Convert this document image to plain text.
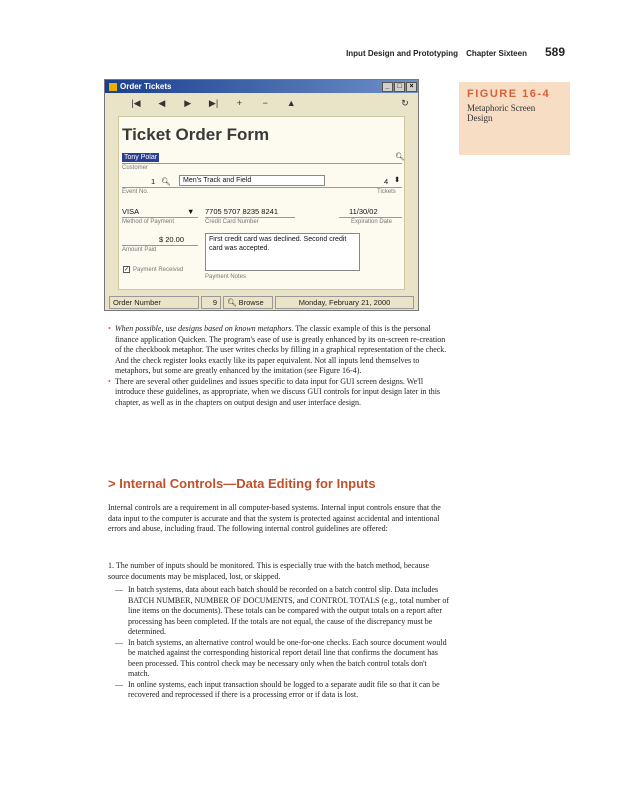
Input Design and Prototyping Chapter Sixteen 589
Order Tickets	_	□	×
|◀	◀	▶	▶|	+	−	▲	↻
Ticket Order Form
Tony Polar	🔍︎
Customer
1 🔍︎	Men's Track and Field	4 ⬍
Event No.	Tickets
VISA	▼ 7705 5707 8235 8241	11/30/02
Method of Payment	Credit Card Number	Expiration Date
$ 20.00
Amount Paid
First credit card was declined. Second credit card was accepted.
Payment Notes
✓ Payment Received
Order Number	9	🔍︎ Browse	Monday, February 21, 2000
FIGURE 16-4
Metaphoric Screen Design
• When possible, use designs based on known metaphors. The classic example of this is the personal finance application Quicken. The program's ease of use is greatly enhanced by its on-screen re-creation of the checkbook metaphor. The user writes checks by filling in a graphical representation of the check. And the check register looks exactly like its paper equivalent. Not all inputs lend themselves to metaphors, but some are greatly enhanced by the imitation (see Figure 16-4).
• There are several other guidelines and issues specific to data input for GUI screen designs. We'll introduce these guidelines, as appropriate, when we discuss GUI controls for input design later in this chapter, as well as in the chapters on output design and user interface design.
> Internal Controls—Data Editing for Inputs

Internal controls are a requirement in all computer-based systems. Internal input controls ensure that the data input to the computer is accurate and that the system is protected against accidental and intentional errors and abuse, including fraud. The following internal control guidelines are offered:

1. The number of inputs should be monitored. This is especially true with the batch method, because source documents may be misplaced, lost, or skipped.

— In batch systems, data about each batch should be recorded on a batch control slip. Data includes BATCH NUMBER, NUMBER OF DOCUMENTS, and CONTROL TOTALS (e.g., total number of line items on the documents). These totals can be compared with the output totals on a report after processing has been completed. If the totals are not equal, the cause of the discrepancy must be determined.
— In batch systems, an alternative control would be one-for-one checks. Each source document would be matched against the corresponding historical report detail line that confirms the document has been processed. This control check may be necessary only when the batch control totals don't match.
— In online systems, each input transaction should be logged to a separate audit file so that it can be recovered and reprocessed if there is a processing error or if data is lost.
